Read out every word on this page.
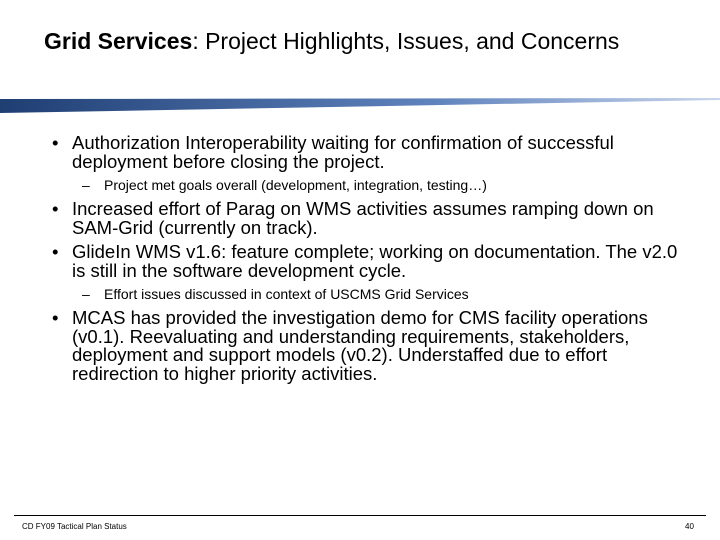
Grid Services: Project Highlights, Issues, and Concerns
• Authorization Interoperability waiting for confirmation of successful deployment before closing the project.
– Project met goals overall (development, integration, testing…)
• Increased effort of Parag on WMS activities assumes ramping down on SAM-Grid (currently on track).
• GlideIn WMS v1.6: feature complete; working on documentation. The v2.0 is still in the software development cycle.
– Effort issues discussed in context of USCMS Grid Services
• MCAS has provided the investigation demo for CMS facility operations (v0.1). Reevaluating and understanding requirements, stakeholders, deployment and support models (v0.2). Understaffed due to effort redirection to higher priority activities.
CD FY09 Tactical Plan Status	40
